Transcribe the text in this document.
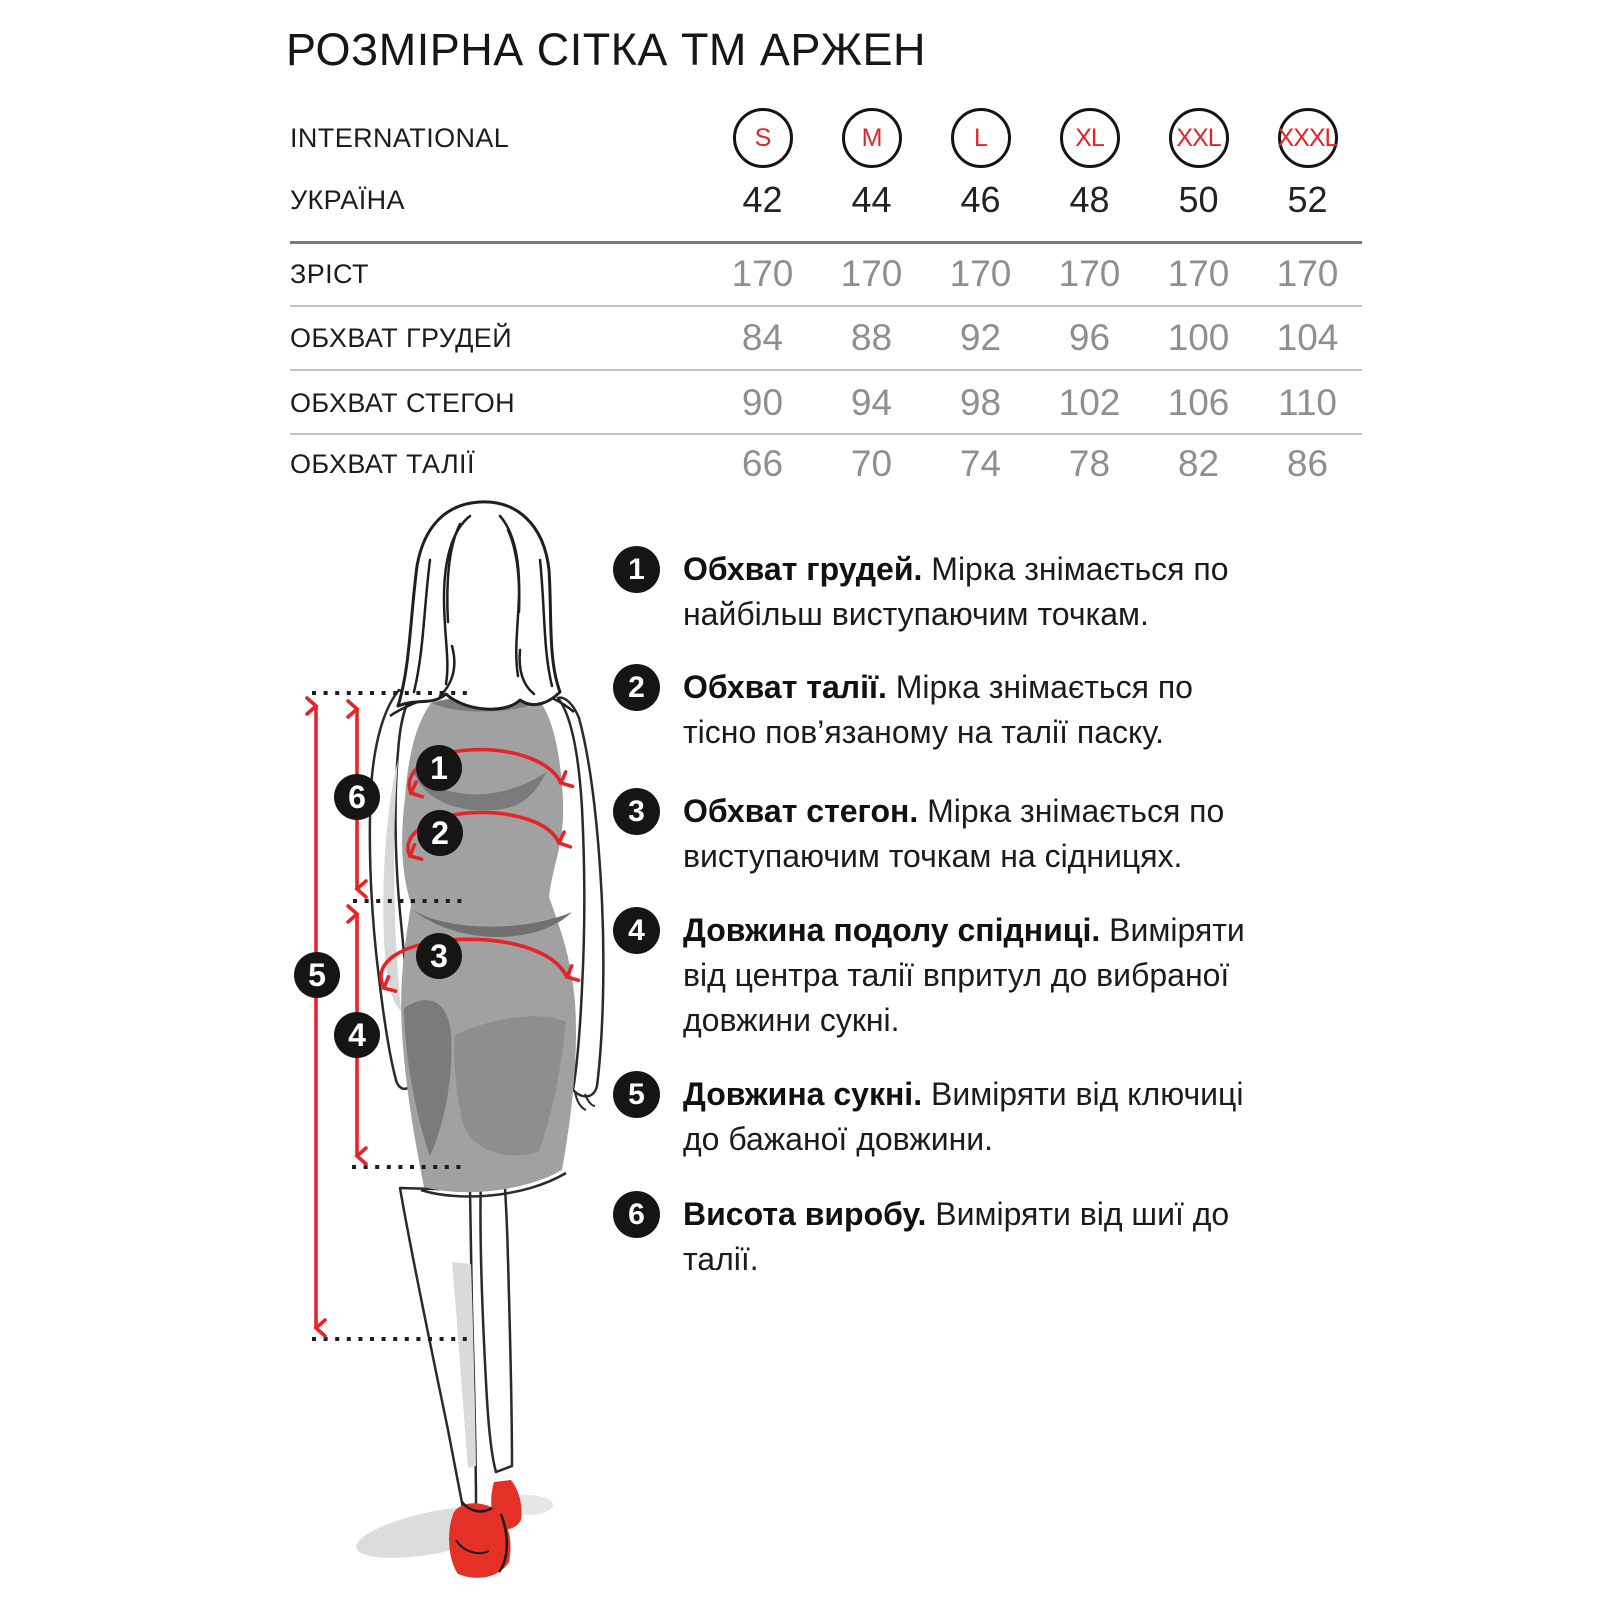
РОЗМІРНА СІТКА ТМ АРЖЕН
INTERNATIONAL	S	M	L	XL	XXL	XXXL
УКРАЇНА	42	44	46	48	50	52
ЗРІСТ	170	170	170	170	170	170
ОБХВАТ ГРУДЕЙ	84	88	92	96	100	104
ОБХВАТ СТЕГОН	90	94	98	102	106	110
ОБХВАТ ТАЛІЇ	66	70	74	78	82	86
1
2
3
4
5
6
1	Обхват грудей. Мірка знімається по
найбільш виступаючим точкам.
2	Обхват талії. Мірка знімається по
тісно пов’язаному на талії паску.
3	Обхват стегон. Мірка знімається по
виступаючим точкам на сідницях.
4	Довжина подолу спідниці. Виміряти
від центра талії впритул до вибраної
довжини сукні.
5	Довжина сукні. Виміряти від ключиці
до бажаної довжини.
6	Висота виробу. Виміряти від шиї до
талії.
